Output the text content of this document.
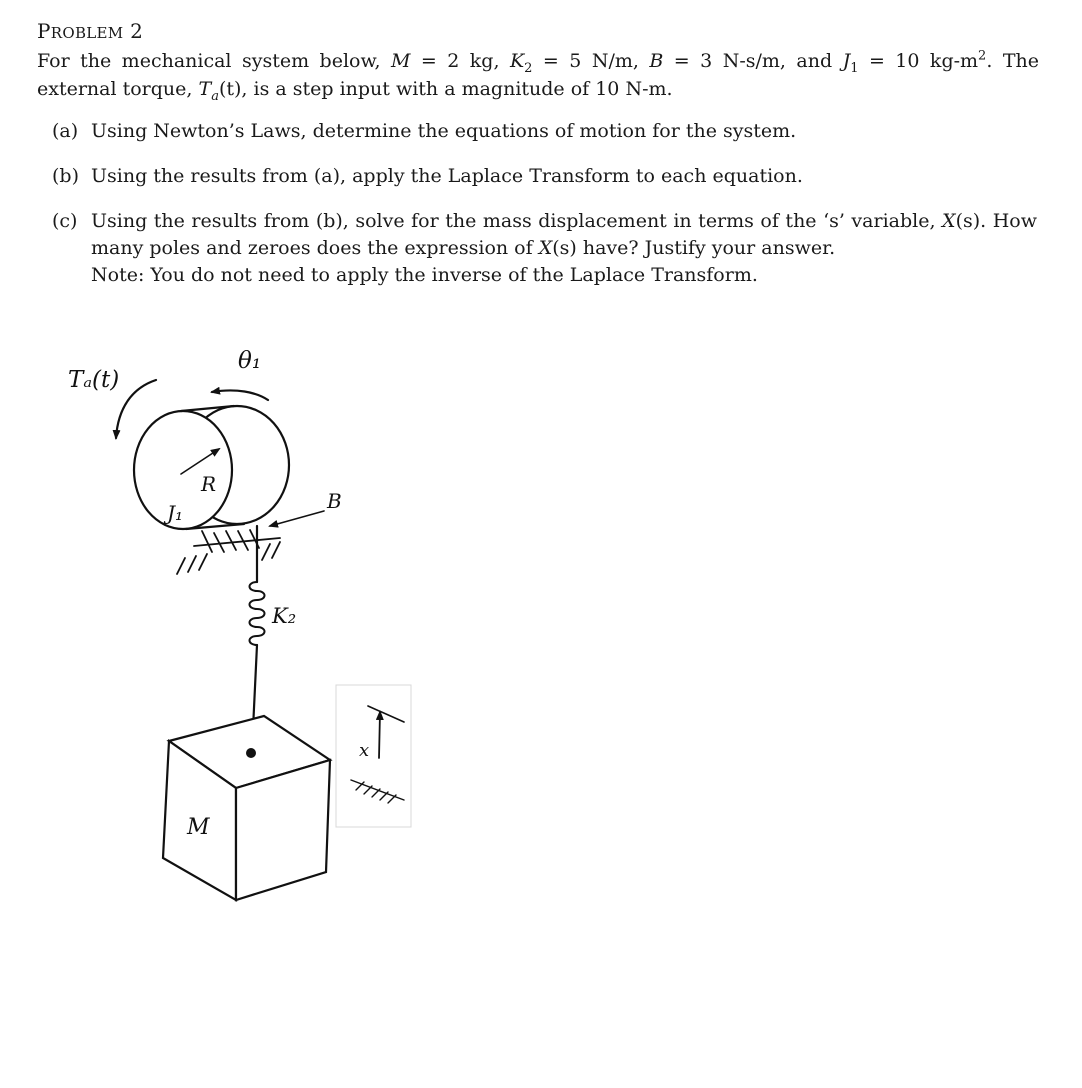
PROBLEM 2
For the mechanical system below, M = 2 kg, $K_2 = 5$ N/m, B = 3 N-s/m, and $J_1 = 10$ $kg-m^2$. The
external torque, $T_a(t)$, is a step input with a magnitude of 10 N-m.
(a) Using Newton’s Laws, determine the equations of motion for the system.
(b) Using the results from (a), apply the Laplace Transform to each equation.
(c) Using the results from (b), solve for the mass displacement in terms of the ‘s’ variable, X(s). How
many poles and zeroes does the expression of X(s) have? Justify your answer.
Note: You do not need to apply the inverse of the Laplace Transform.
Tₐ(t)
θ₁
R
J₁	B
K₂
M
x
